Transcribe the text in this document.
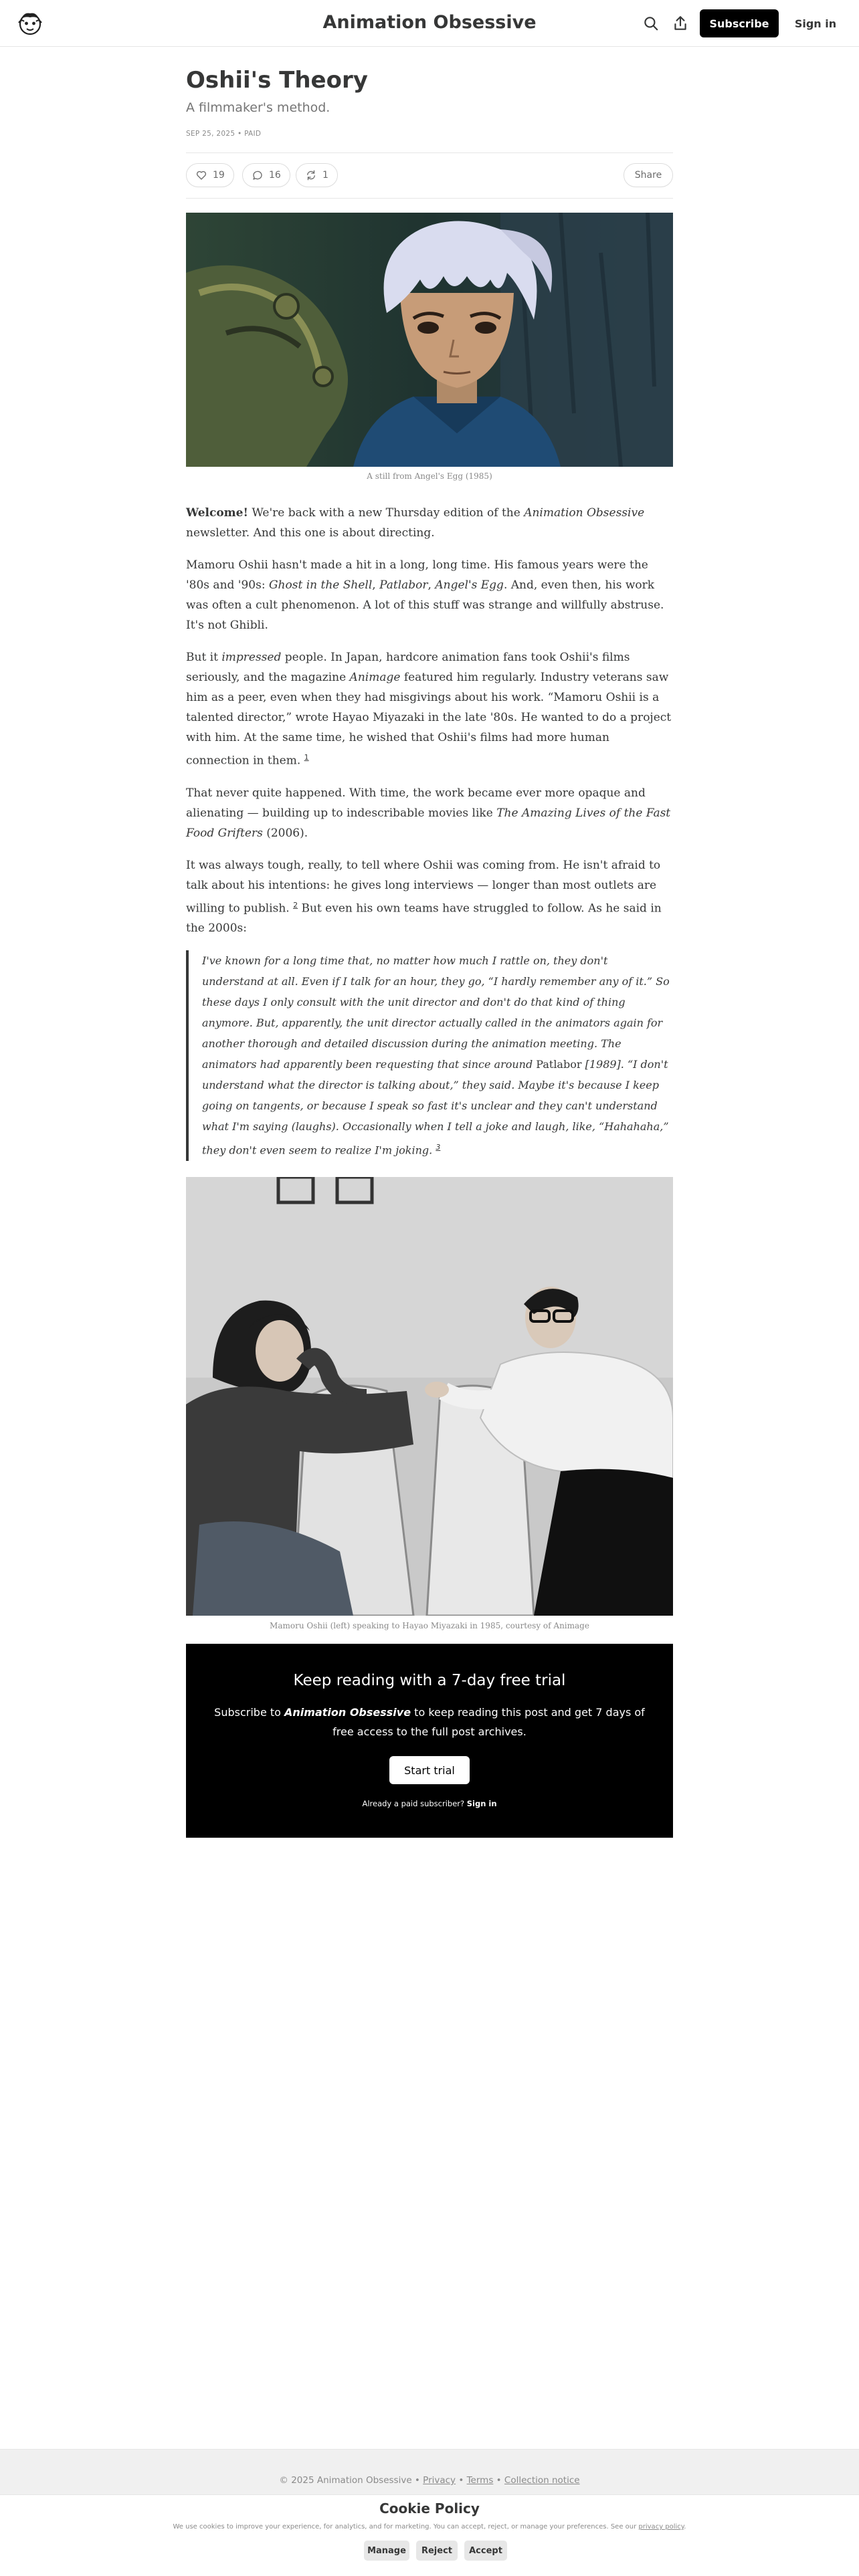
Animation Obsessive	Subscribe	Sign in
Oshii's Theory
A filmmaker's method.
SEP 25, 2025 • PAID
19	16	1	Share
A still from Angel's Egg (1985)

Welcome! We're back with a new Thursday edition of the Animation Obsessive newsletter. And this one is about directing.

Mamoru Oshii hasn't made a hit in a long, long time. His famous years were the '80s and '90s: Ghost in the Shell, Patlabor, Angel's Egg. And, even then, his work was often a cult phenomenon. A lot of this stuff was strange and willfully abstruse. It's not Ghibli.

But it impressed people. In Japan, hardcore animation fans took Oshii's films seriously, and the magazine Animage featured him regularly. Industry veterans saw him as a peer, even when they had misgivings about his work. “Mamoru Oshii is a talented director,” wrote Hayao Miyazaki in the late '80s. He wanted to do a project with him. At the same time, he wished that Oshii's films had more human connection in them. $^1$

That never quite happened. With time, the work became ever more opaque and alienating — building up to indescribable movies like The Amazing Lives of the Fast Food Grifters (2006).

It was always tough, really, to tell where Oshii was coming from. He isn't afraid to talk about his intentions: he gives long interviews — longer than most outlets are willing to publish. $^2$ But even his own teams have struggled to follow. As he said in the 2000s:

I've known for a long time that, no matter how much I rattle on, they don't understand at all. Even if I talk for an hour, they go, “I hardly remember any of it.” So these days I only consult with the unit director and don't do that kind of thing anymore. But, apparently, the unit director actually called in the animators again for another thorough and detailed discussion during the animation meeting. The animators had apparently been requesting that since around Patlabor [1989]. “I don't understand what the director is talking about,” they said. Maybe it's because I keep going on tangents, or because I speak so fast it's unclear and they can't understand what I'm saying (laughs). Occasionally when I tell a joke and laugh, like, “Hahahaha,” they don't even seem to realize I'm joking. $^3$

Mamoru Oshii (left) speaking to Hayao Miyazaki in 1985, courtesy of Animage
Keep reading with a 7-day free trial
Subscribe to Animation Obsessive to keep reading this post and get 7 days of free access to the full post archives.
Start trial
Already a paid subscriber? Sign in
© 2025 Animation Obsessive • Privacy • Terms • Collection notice
Cookie Policy
We use cookies to improve your experience, for analytics, and for marketing. You can accept, reject, or manage your preferences. See our privacy policy.
Manage	Reject	Accept
